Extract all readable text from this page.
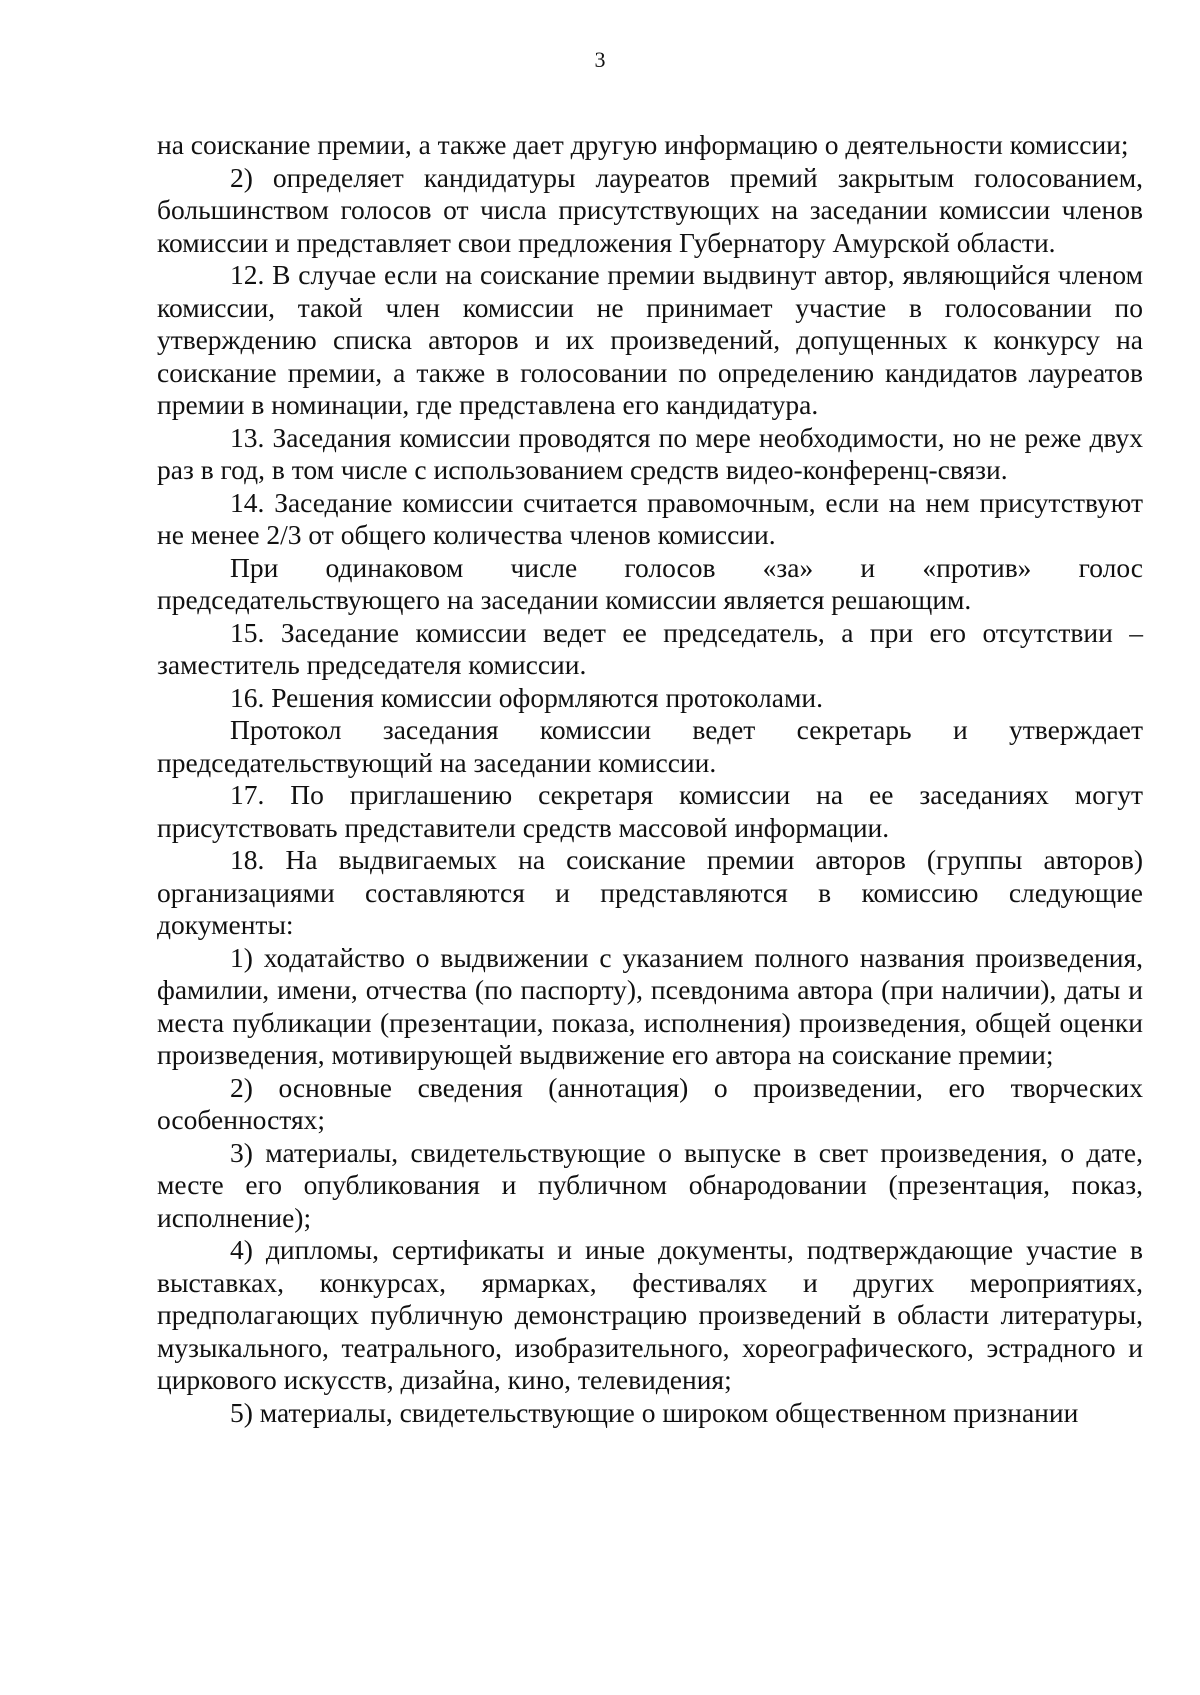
3

на соискание премии, а также дает другую информацию о деятельности комиссии;

2) определяет кандидатуры лауреатов премий закрытым голосованием, большинством голосов от числа присутствующих на заседании комиссии членов комиссии и представляет свои предложения Губернатору Амурской области.

12. В случае если на соискание премии выдвинут автор, являющийся членом комиссии, такой член комиссии не принимает участие в голосовании по утверждению списка авторов и их произведений, допущенных к конкурсу на соискание премии, а также в голосовании по определению кандидатов лауреатов премии в номинации, где представлена его кандидатура.

13. Заседания комиссии проводятся по мере необходимости, но не реже двух раз в год, в том числе с использованием средств видео-конференц-связи.

14. Заседание комиссии считается правомочным, если на нем присутствуют не менее 2/3 от общего количества членов комиссии.

При одинаковом числе голосов «за» и «против» голос председательствующего на заседании комиссии является решающим.

15. Заседание комиссии ведет ее председатель, а при его отсутствии – заместитель председателя комиссии.

16. Решения комиссии оформляются протоколами.

Протокол заседания комиссии ведет секретарь и утверждает председательствующий на заседании комиссии.

17. По приглашению секретаря комиссии на ее заседаниях могут присутствовать представители средств массовой информации.

18. На выдвигаемых на соискание премии авторов (группы авторов) организациями составляются и представляются в комиссию следующие документы:

1) ходатайство о выдвижении с указанием полного названия произведения, фамилии, имени, отчества (по паспорту), псевдонима автора (при наличии), даты и места публикации (презентации, показа, исполнения) произведения, общей оценки произведения, мотивирующей выдвижение его автора на соискание премии;

2) основные сведения (аннотация) о произведении, его творческих особенностях;

3) материалы, свидетельствующие о выпуске в свет произведения, о дате, месте его опубликования и публичном обнародовании (презентация, показ, исполнение);

4) дипломы, сертификаты и иные документы, подтверждающие участие в выставках, конкурсах, ярмарках, фестивалях и других мероприятиях, предполагающих публичную демонстрацию произведений в области литературы, музыкального, театрального, изобразительного, хореографического, эстрадного и циркового искусств, дизайна, кино, телевидения;

5) материалы, свидетельствующие о широком общественном признании
